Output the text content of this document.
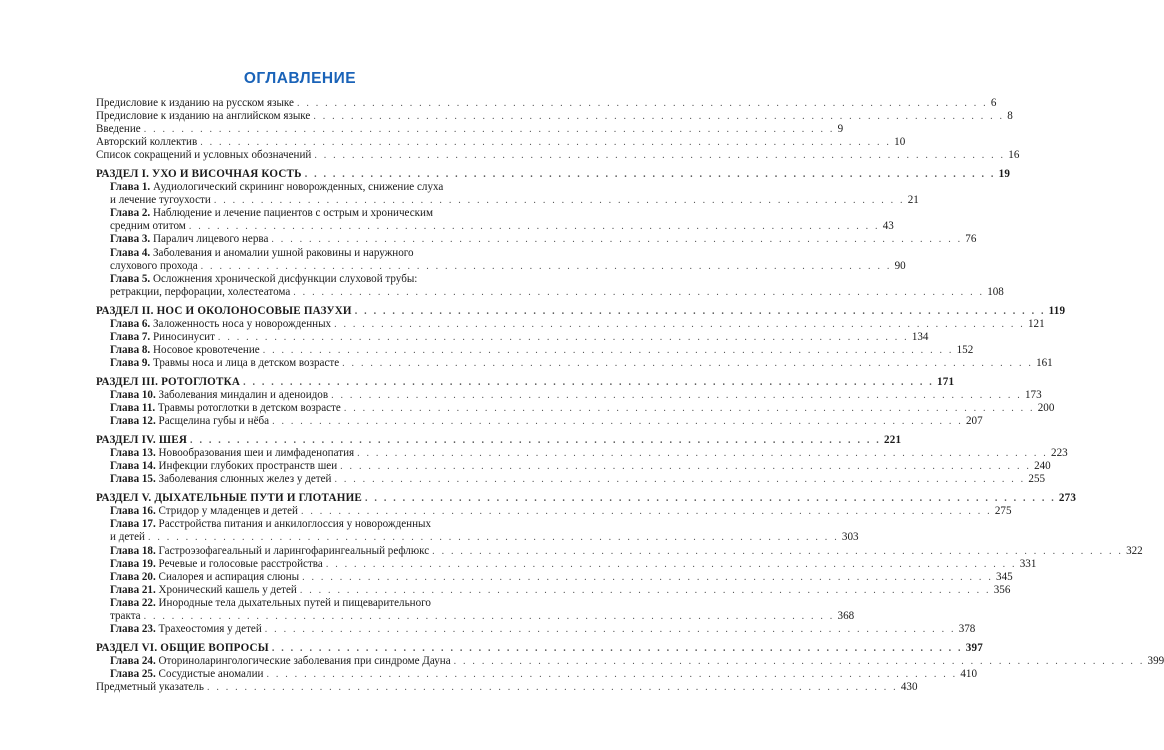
ОГЛАВЛЕНИЕ
Предисловие к изданию на русском языке . . . . . . . . . . . . . . . . . . . . . . . . . . . . . . . . . . . . . . . . . . . . . . . . . . . . . . . . . . . . . . . . . . . . . . . . . . 6
Предисловие к изданию на английском языке . . . . . . . . . . . . . . . . . . . . . . . . . . . . . . . . . . . . . . . . . . . . . . . . . . . . . . . . . . . . . . . . . . . . . . . . . . 8
Введение . . . . . . . . . . . . . . . . . . . . . . . . . . . . . . . . . . . . . . . . . . . . . . . . . . . . . . . . . . . . . . . . . . . . . . . . . . 9
Авторский коллектив . . . . . . . . . . . . . . . . . . . . . . . . . . . . . . . . . . . . . . . . . . . . . . . . . . . . . . . . . . . . . . . . . . . . . . . . . . 10
Список сокращений и условных обозначений . . . . . . . . . . . . . . . . . . . . . . . . . . . . . . . . . . . . . . . . . . . . . . . . . . . . . . . . . . . . . . . . . . . . . . . . . . 16
РАЗДЕЛ I. УХО И ВИСОЧНАЯ КОСТЬ . . . . . . . . . . . . . . . . . . . . . . . . . . . . . . . . . . . . . . . . . . . . . . . . . . . . . . . . . . . . . . . . . . . . . . . . . . 19
Глава 1. Аудиологический скрининг новорожденных, снижение слуха
и лечение тугоухости . . . . . . . . . . . . . . . . . . . . . . . . . . . . . . . . . . . . . . . . . . . . . . . . . . . . . . . . . . . . . . . . . . . . . . . . . . 21
Глава 2. Наблюдение и лечение пациентов с острым и хроническим
средним отитом . . . . . . . . . . . . . . . . . . . . . . . . . . . . . . . . . . . . . . . . . . . . . . . . . . . . . . . . . . . . . . . . . . . . . . . . . . 43
Глава 3. Паралич лицевого нерва . . . . . . . . . . . . . . . . . . . . . . . . . . . . . . . . . . . . . . . . . . . . . . . . . . . . . . . . . . . . . . . . . . . . . . . . . . 76
Глава 4. Заболевания и аномалии ушной раковины и наружного
слухового прохода . . . . . . . . . . . . . . . . . . . . . . . . . . . . . . . . . . . . . . . . . . . . . . . . . . . . . . . . . . . . . . . . . . . . . . . . . . 90
Глава 5. Осложнения хронической дисфункции слуховой трубы:
ретракции, перфорации, холестеатома . . . . . . . . . . . . . . . . . . . . . . . . . . . . . . . . . . . . . . . . . . . . . . . . . . . . . . . . . . . . . . . . . . . . . . . . . . 108
РАЗДЕЛ II. НОС И ОКОЛОНОСОВЫЕ ПАЗУХИ . . . . . . . . . . . . . . . . . . . . . . . . . . . . . . . . . . . . . . . . . . . . . . . . . . . . . . . . . . . . . . . . . . . . . . . . . . 119
Глава 6. Заложенность носа у новорожденных . . . . . . . . . . . . . . . . . . . . . . . . . . . . . . . . . . . . . . . . . . . . . . . . . . . . . . . . . . . . . . . . . . . . . . . . . . 121
Глава 7. Риносинусит . . . . . . . . . . . . . . . . . . . . . . . . . . . . . . . . . . . . . . . . . . . . . . . . . . . . . . . . . . . . . . . . . . . . . . . . . . 134
Глава 8. Носовое кровотечение . . . . . . . . . . . . . . . . . . . . . . . . . . . . . . . . . . . . . . . . . . . . . . . . . . . . . . . . . . . . . . . . . . . . . . . . . . 152
Глава 9. Травмы носа и лица в детском возрасте . . . . . . . . . . . . . . . . . . . . . . . . . . . . . . . . . . . . . . . . . . . . . . . . . . . . . . . . . . . . . . . . . . . . . . . . . . 161
РАЗДЕЛ III. РОТОГЛОТКА . . . . . . . . . . . . . . . . . . . . . . . . . . . . . . . . . . . . . . . . . . . . . . . . . . . . . . . . . . . . . . . . . . . . . . . . . . 171
Глава 10. Заболевания миндалин и аденоидов . . . . . . . . . . . . . . . . . . . . . . . . . . . . . . . . . . . . . . . . . . . . . . . . . . . . . . . . . . . . . . . . . . . . . . . . . . 173
Глава 11. Травмы ротоглотки в детском возрасте . . . . . . . . . . . . . . . . . . . . . . . . . . . . . . . . . . . . . . . . . . . . . . . . . . . . . . . . . . . . . . . . . . . . . . . . . . 200
Глава 12. Расщелина губы и нёба . . . . . . . . . . . . . . . . . . . . . . . . . . . . . . . . . . . . . . . . . . . . . . . . . . . . . . . . . . . . . . . . . . . . . . . . . . 207
РАЗДЕЛ IV. ШЕЯ . . . . . . . . . . . . . . . . . . . . . . . . . . . . . . . . . . . . . . . . . . . . . . . . . . . . . . . . . . . . . . . . . . . . . . . . . . 221
Глава 13. Новообразования шеи и лимфаденопатия . . . . . . . . . . . . . . . . . . . . . . . . . . . . . . . . . . . . . . . . . . . . . . . . . . . . . . . . . . . . . . . . . . . . . . . . . . 223
Глава 14. Инфекции глубоких пространств шеи . . . . . . . . . . . . . . . . . . . . . . . . . . . . . . . . . . . . . . . . . . . . . . . . . . . . . . . . . . . . . . . . . . . . . . . . . . 240
Глава 15. Заболевания слюнных желез у детей . . . . . . . . . . . . . . . . . . . . . . . . . . . . . . . . . . . . . . . . . . . . . . . . . . . . . . . . . . . . . . . . . . . . . . . . . . 255
РАЗДЕЛ V. ДЫХАТЕЛЬНЫЕ ПУТИ И ГЛОТАНИЕ . . . . . . . . . . . . . . . . . . . . . . . . . . . . . . . . . . . . . . . . . . . . . . . . . . . . . . . . . . . . . . . . . . . . . . . . . . 273
Глава 16. Стридор у младенцев и детей . . . . . . . . . . . . . . . . . . . . . . . . . . . . . . . . . . . . . . . . . . . . . . . . . . . . . . . . . . . . . . . . . . . . . . . . . . 275
Глава 17. Расстройства питания и анкилоглоссия у новорожденных
и детей . . . . . . . . . . . . . . . . . . . . . . . . . . . . . . . . . . . . . . . . . . . . . . . . . . . . . . . . . . . . . . . . . . . . . . . . . . 303
Глава 18. Гастроэзофагеальный и ларингофарингеальный рефлюкс . . . . . . . . . . . . . . . . . . . . . . . . . . . . . . . . . . . . . . . . . . . . . . . . . . . . . . . . . . . . . . . . . . . . . . . . . . 322
Глава 19. Речевые и голосовые расстройства . . . . . . . . . . . . . . . . . . . . . . . . . . . . . . . . . . . . . . . . . . . . . . . . . . . . . . . . . . . . . . . . . . . . . . . . . . 331
Глава 20. Сиалорея и аспирация слюны . . . . . . . . . . . . . . . . . . . . . . . . . . . . . . . . . . . . . . . . . . . . . . . . . . . . . . . . . . . . . . . . . . . . . . . . . . 345
Глава 21. Хронический кашель у детей . . . . . . . . . . . . . . . . . . . . . . . . . . . . . . . . . . . . . . . . . . . . . . . . . . . . . . . . . . . . . . . . . . . . . . . . . . 356
Глава 22. Инородные тела дыхательных путей и пищеварительного
тракта . . . . . . . . . . . . . . . . . . . . . . . . . . . . . . . . . . . . . . . . . . . . . . . . . . . . . . . . . . . . . . . . . . . . . . . . . . 368
Глава 23. Трахеостомия у детей . . . . . . . . . . . . . . . . . . . . . . . . . . . . . . . . . . . . . . . . . . . . . . . . . . . . . . . . . . . . . . . . . . . . . . . . . . 378
РАЗДЕЛ VI. ОБЩИЕ ВОПРОСЫ . . . . . . . . . . . . . . . . . . . . . . . . . . . . . . . . . . . . . . . . . . . . . . . . . . . . . . . . . . . . . . . . . . . . . . . . . . 397
Глава 24. Оториноларингологические заболевания при синдроме Дауна . . . . . . . . . . . . . . . . . . . . . . . . . . . . . . . . . . . . . . . . . . . . . . . . . . . . . . . . . . . . . . . . . . . . . . . . . . 399
Глава 25. Сосудистые аномалии . . . . . . . . . . . . . . . . . . . . . . . . . . . . . . . . . . . . . . . . . . . . . . . . . . . . . . . . . . . . . . . . . . . . . . . . . . 410
Предметный указатель . . . . . . . . . . . . . . . . . . . . . . . . . . . . . . . . . . . . . . . . . . . . . . . . . . . . . . . . . . . . . . . . . . . . . . . . . . 430
